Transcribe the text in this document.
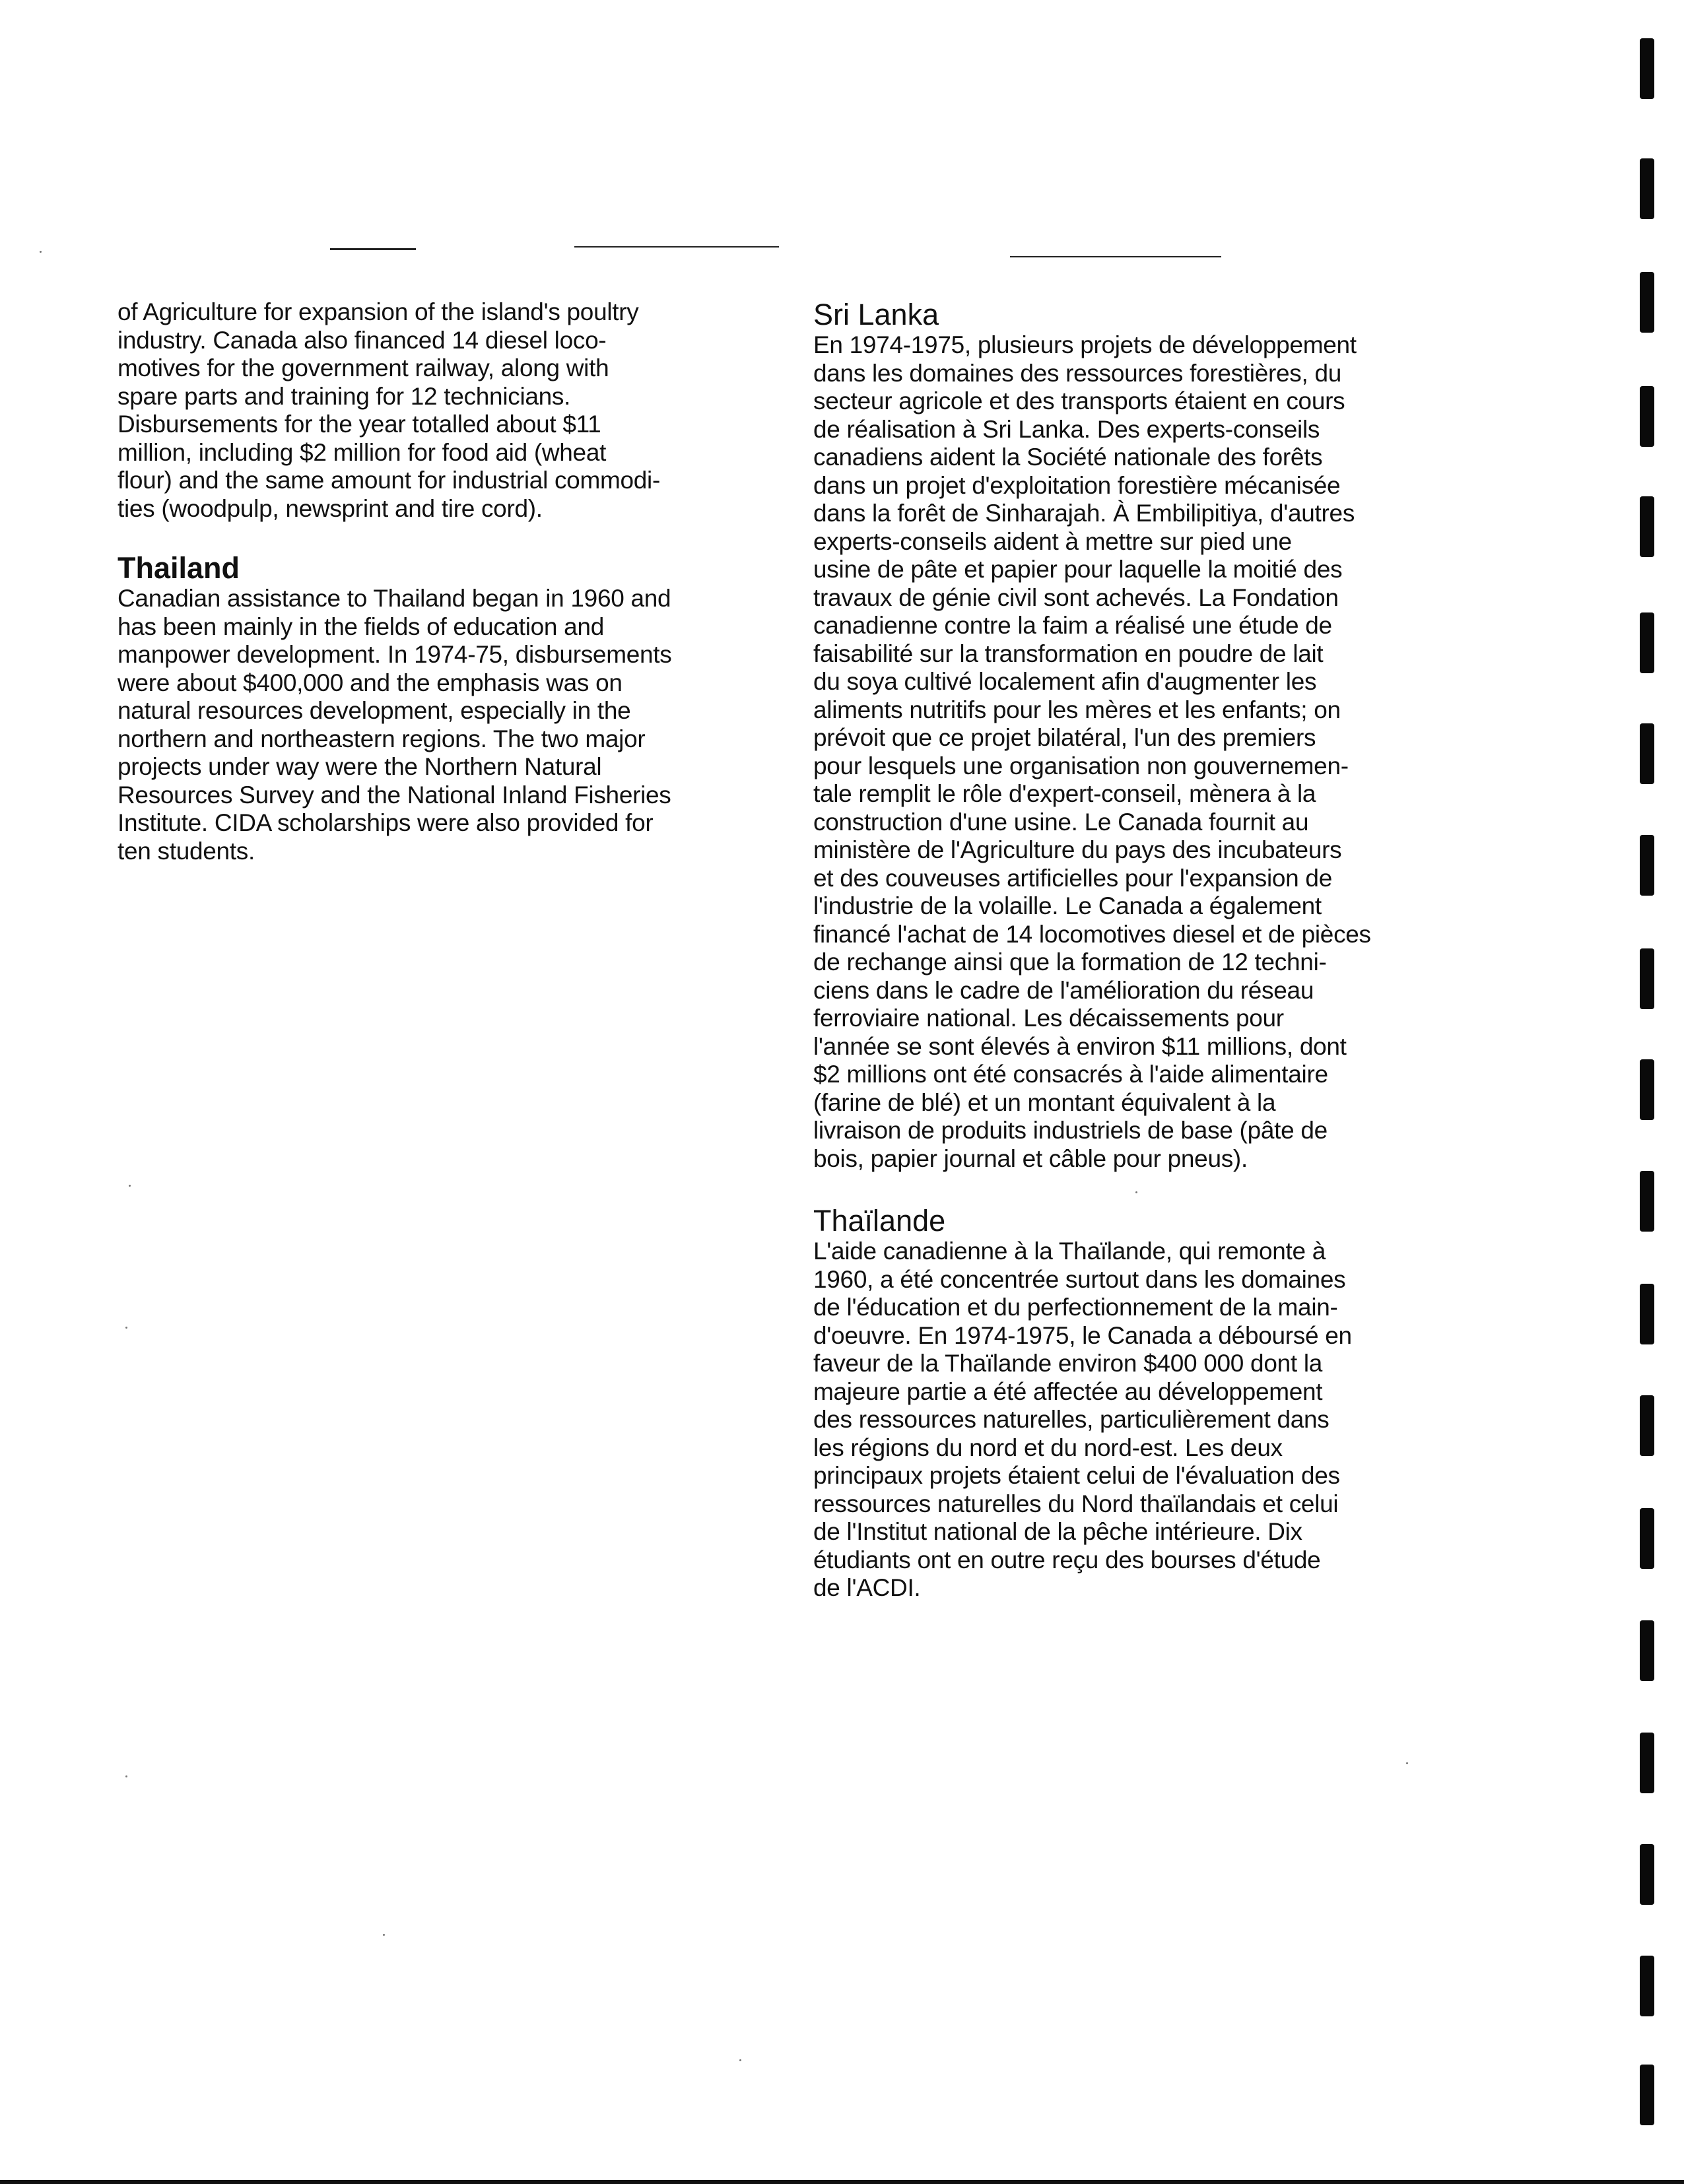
of Agriculture for expansion of the island's poultry
industry. Canada also financed 14 diesel loco-
motives for the government railway, along with
spare parts and training for 12 technicians.
Disbursements for the year totalled about $11
million, including $2 million for food aid (wheat
flour) and the same amount for industrial commodi-
ties (woodpulp, newsprint and tire cord).

Thailand

Canadian assistance to Thailand began in 1960 and
has been mainly in the fields of education and
manpower development. In 1974-75, disbursements
were about $400,000 and the emphasis was on
natural resources development, especially in the
northern and northeastern regions. The two major
projects under way were the Northern Natural
Resources Survey and the National Inland Fisheries
Institute. CIDA scholarships were also provided for
ten students.

Sri Lanka

En 1974-1975, plusieurs projets de développement
dans les domaines des ressources forestières, du
secteur agricole et des transports étaient en cours
de réalisation à Sri Lanka. Des experts-conseils
canadiens aident la Société nationale des forêts
dans un projet d'exploitation forestière mécanisée
dans la forêt de Sinharajah. À Embilipitiya, d'autres
experts-conseils aident à mettre sur pied une
usine de pâte et papier pour laquelle la moitié des
travaux de génie civil sont achevés. La Fondation
canadienne contre la faim a réalisé une étude de
faisabilité sur la transformation en poudre de lait
du soya cultivé localement afin d'augmenter les
aliments nutritifs pour les mères et les enfants; on
prévoit que ce projet bilatéral, l'un des premiers
pour lesquels une organisation non gouvernemen-
tale remplit le rôle d'expert-conseil, mènera à la
construction d'une usine. Le Canada fournit au
ministère de l'Agriculture du pays des incubateurs
et des couveuses artificielles pour l'expansion de
l'industrie de la volaille. Le Canada a également
financé l'achat de 14 locomotives diesel et de pièces
de rechange ainsi que la formation de 12 techni-
ciens dans le cadre de l'amélioration du réseau
ferroviaire national. Les décaissements pour
l'année se sont élevés à environ $11 millions, dont
$2 millions ont été consacrés à l'aide alimentaire
(farine de blé) et un montant équivalent à la
livraison de produits industriels de base (pâte de
bois, papier journal et câble pour pneus).

Thaïlande

L'aide canadienne à la Thaïlande, qui remonte à
1960, a été concentrée surtout dans les domaines
de l'éducation et du perfectionnement de la main-
d'oeuvre. En 1974-1975, le Canada a déboursé en
faveur de la Thaïlande environ $400 000 dont la
majeure partie a été affectée au développement
des ressources naturelles, particulièrement dans
les régions du nord et du nord-est. Les deux
principaux projets étaient celui de l'évaluation des
ressources naturelles du Nord thaïlandais et celui
de l'Institut national de la pêche intérieure. Dix
étudiants ont en outre reçu des bourses d'étude
de l'ACDI.
